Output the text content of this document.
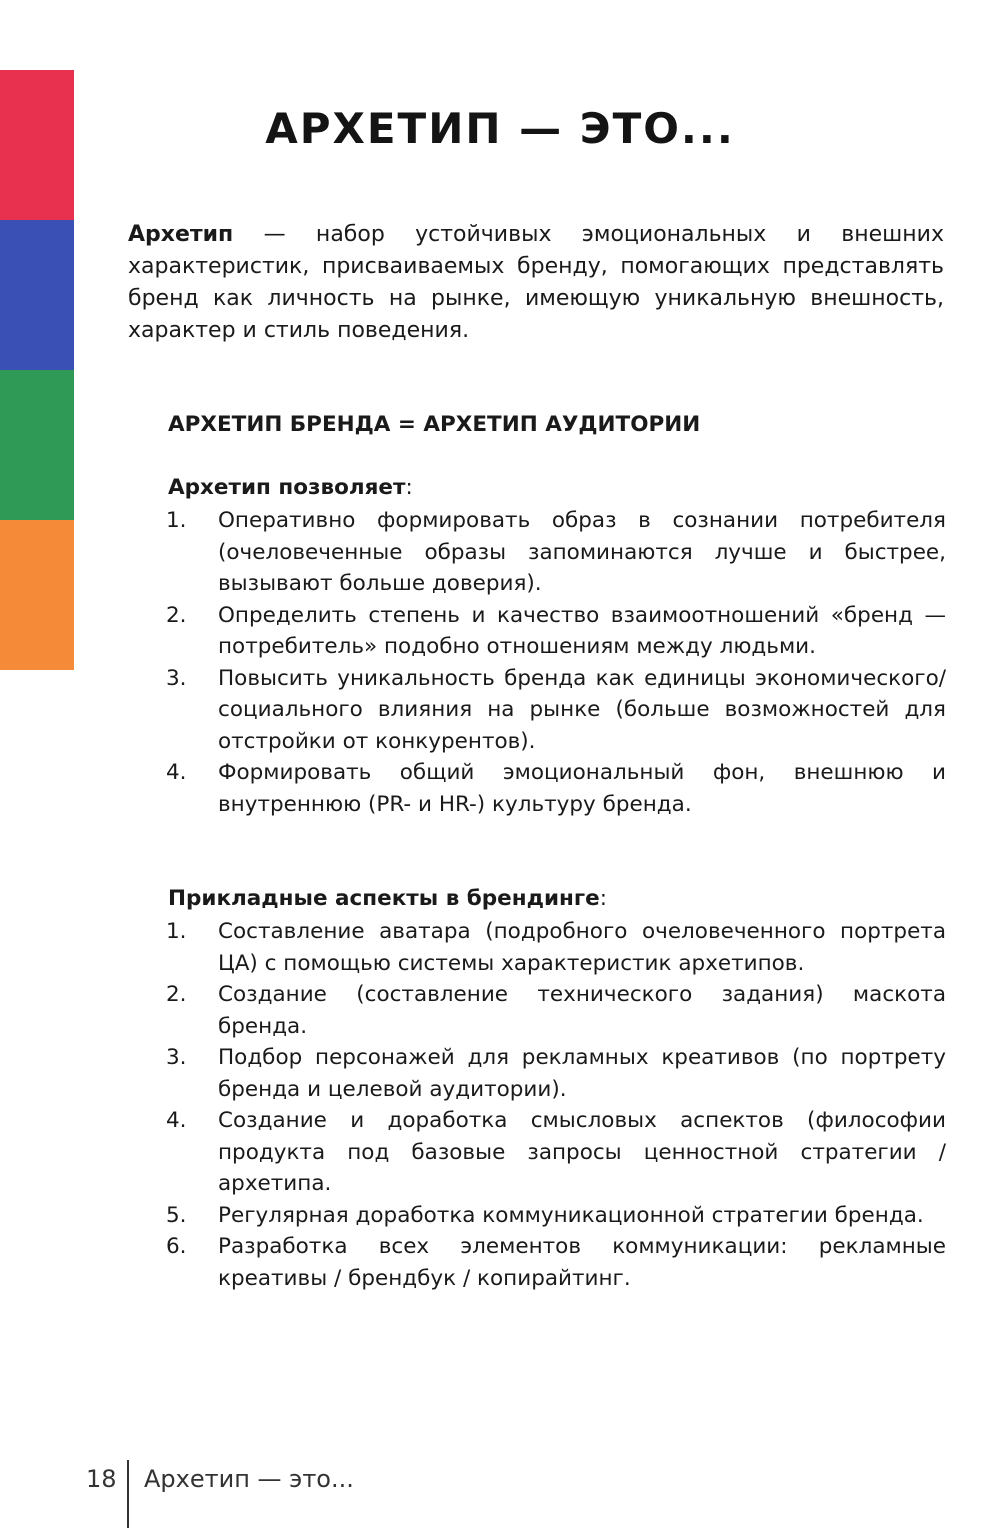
АРХЕТИП — ЭТО...

Архетип — набор устойчивых эмоциональных и внешних характеристик, присваиваемых бренду, помогающих представлять бренд как личность на рынке, имеющую уникальную внешность, характер и стиль поведения.

АРХЕТИП БРЕНДА = АРХЕТИП АУДИТОРИИ

Архетип позволяет:

1.	Оперативно формировать образ в сознании потребителя (очеловеченные образы запоминаются лучше и быстрее, вызывают больше доверия).
2.	Определить степень и качество взаимоотношений «бренд — потребитель» подобно отношениям между людьми.
3.	Повысить уникальность бренда как единицы экономического/социального влияния на рынке (больше возможностей для отстройки от конкурентов).
4.	Формировать общий эмоциональный фон, внешнюю и внутреннюю (PR- и HR-) культуру бренда.

Прикладные аспекты в брендинге:

1.	Составление аватара (подробного очеловеченного портрета ЦА) с помощью системы характеристик архетипов.
2.	Создание (составление технического задания) маскота бренда.
3.	Подбор персонажей для рекламных креативов (по портрету бренда и целевой аудитории).
4.	Создание и доработка смысловых аспектов (философии продукта под базовые запросы ценностной стратегии / архетипа.
5.	Регулярная доработка коммуникационной стратегии бренда.
6.	Разработка всех элементов коммуникации: рекламные креативы / брендбук / копирайтинг.
18 Архетип — это...
